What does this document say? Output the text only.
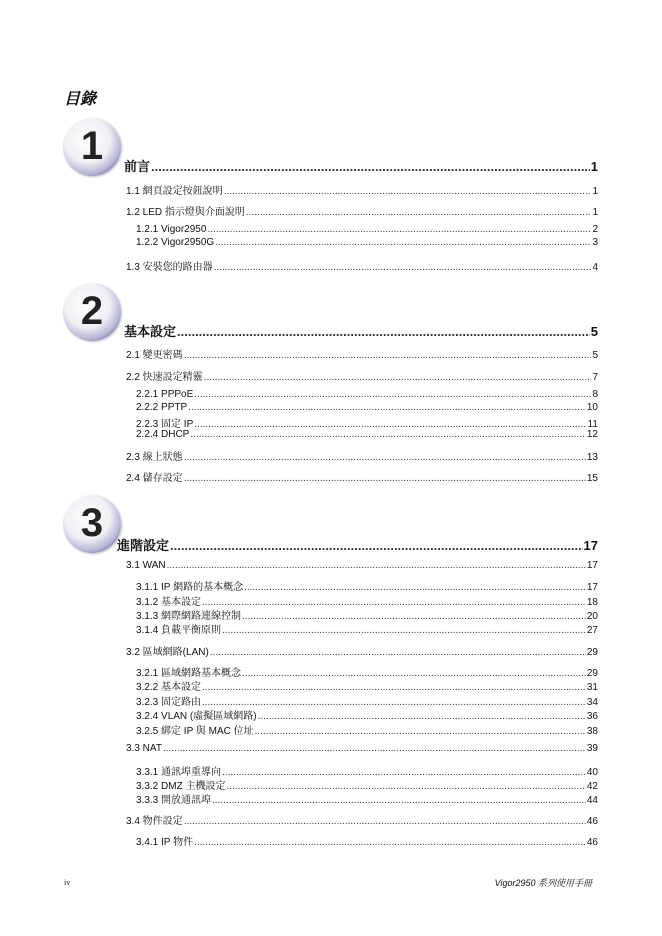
目錄
1	前言 .....	1
1.1 網頁設定按鈕說明 .....	1
1.2 LED 指示燈與介面說明 .....	1
1.2.1 Vigor2950 .....	2
1.2.2 Vigor2950G .....	3
1.3 安裝您的路由器 .....	4
2	基本設定 .....	5
2.1 變更密碼 .....	5
2.2 快速設定精靈 .....	7
2.2.1 PPPoE .....	8
2.2.2 PPTP .....	10
2.2.3 固定 IP .....	11
2.2.4 DHCP .....	12
2.3 線上狀態 .....	13
2.4 儲存設定 .....	15
3
進階設定 .....	17
3.1 WAN .....	17
3.1.1 IP 網路的基本概念 .....	17
3.1.2 基本設定 .....	18
3.1.3 網際網路連線控制 .....	20
3.1.4 負載平衡原則 .....	27
3.2 區域網路(LAN) .....	29
3.2.1 區域網路基本概念 .....	29
3.2.2 基本設定 .....	31
3.2.3 固定路由 .....	34
3.2.4 VLAN (虛擬區域網路) .....	36
3.2.5 綁定 IP 與 MAC 位址 .....	38
3.3 NAT .....	39
3.3.1 通訊埠重導向 .....	40
3.3.2 DMZ 主機設定 .....	42
3.3.3 開放通訊埠 .....	44
3.4 物件設定 .....	46
3.4.1 IP 物件 .....	46
iv	Vigor2950 系列使用手冊
